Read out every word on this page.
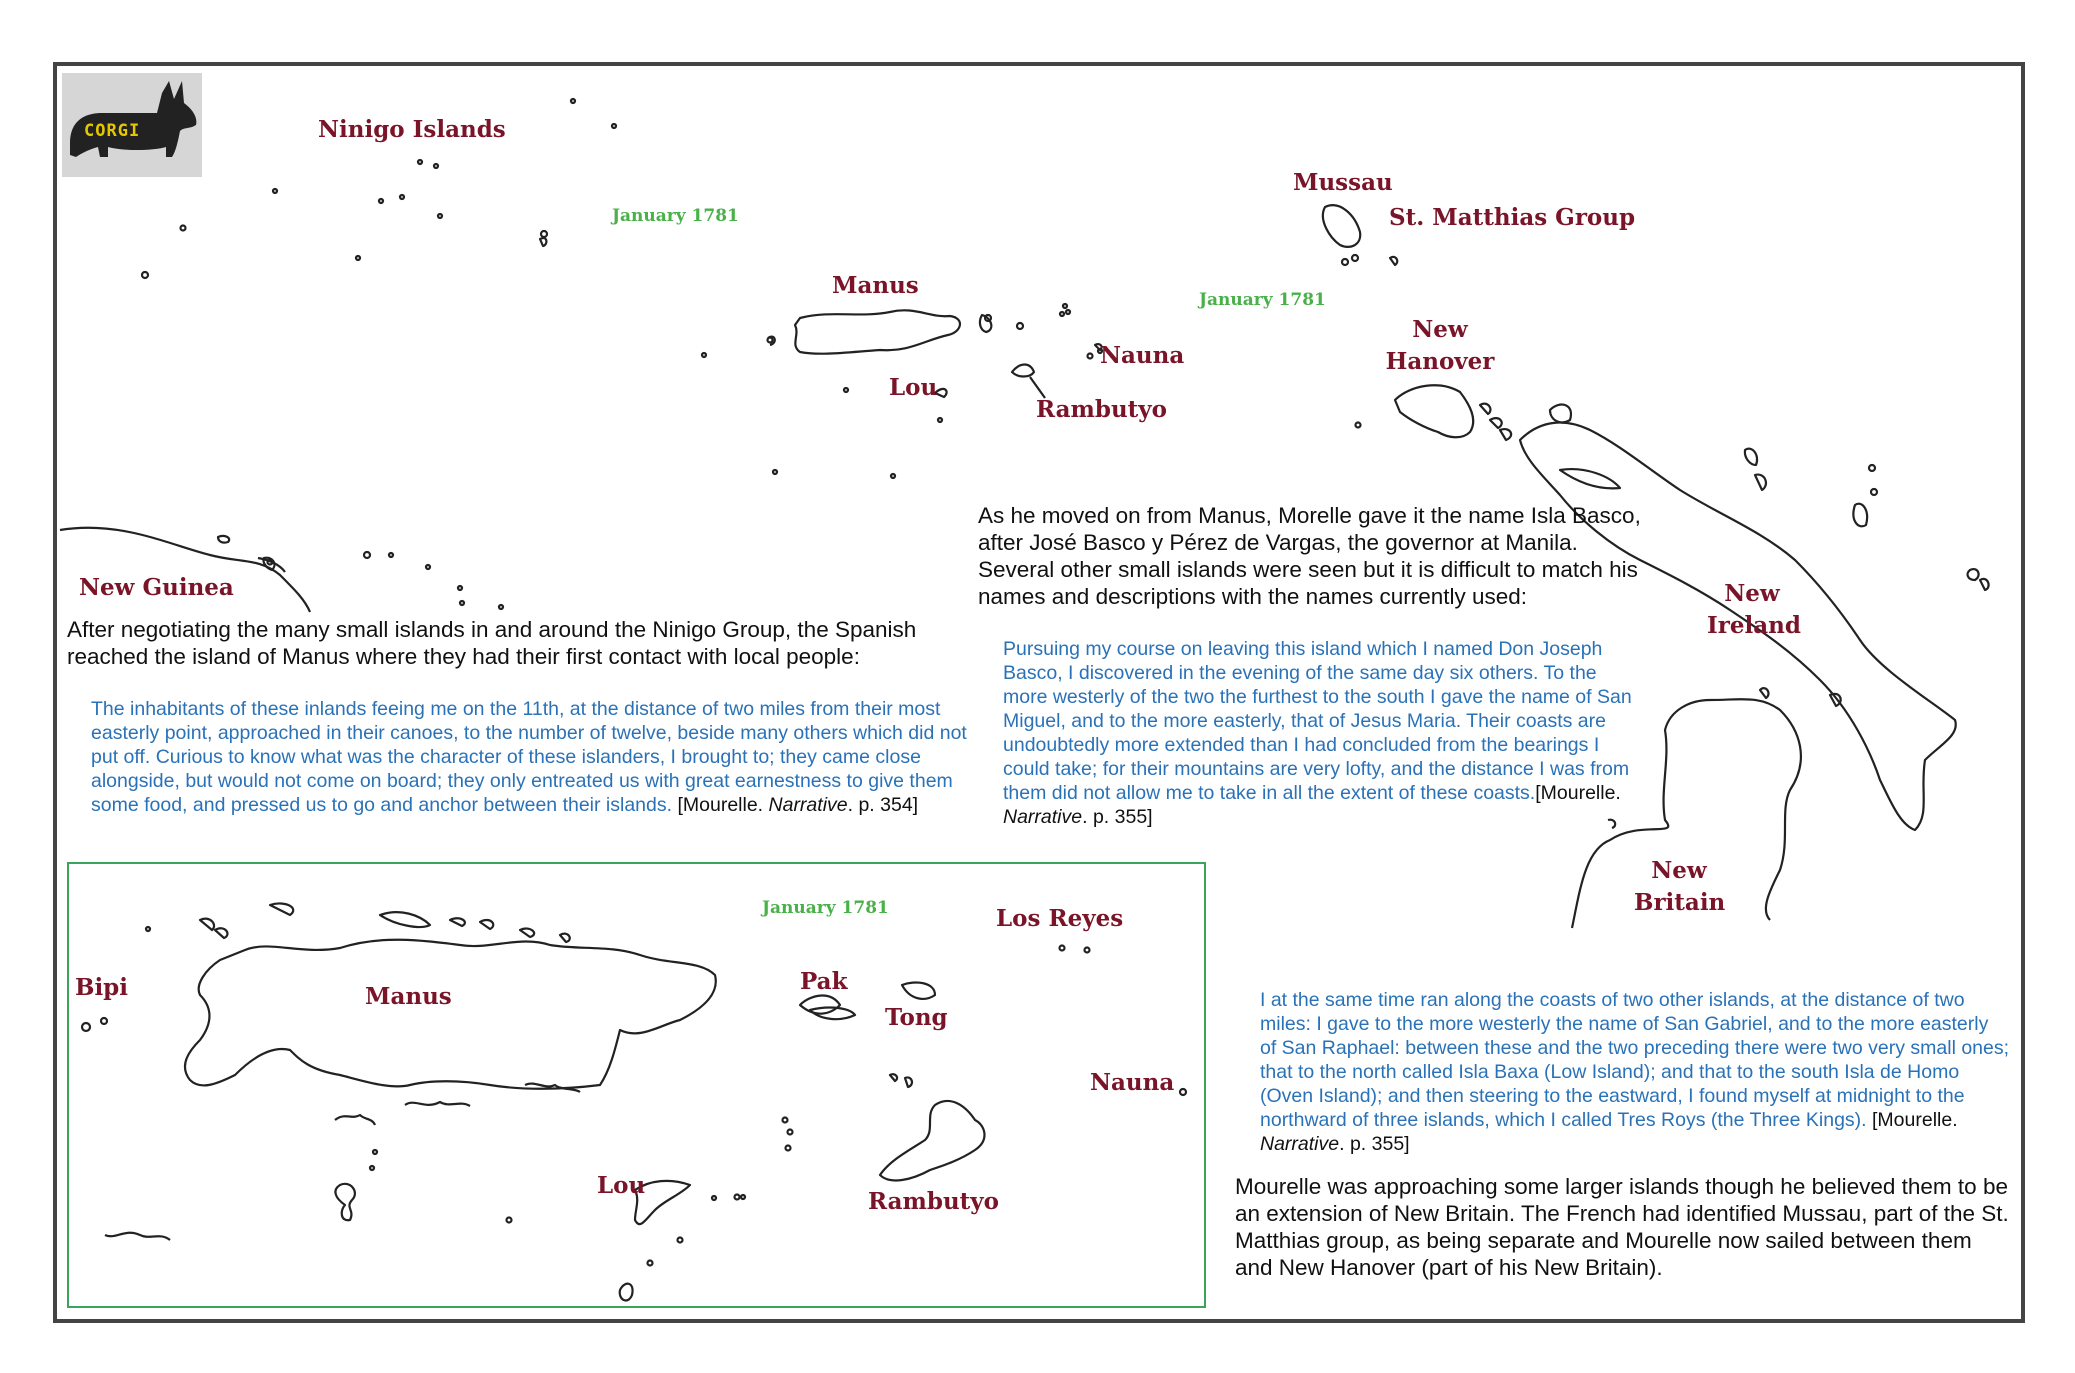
CORGI	Ninigo Islands
January 1781
Mussau
St. Matthias Group
Manus
January 1781
Nauna
Lou
Rambutyo
New
Hanover
New Guinea	New
Ireland
New
Britain
After negotiating the many small islands in and around the Ninigo Group, the Spanish reached the island of Manus where they had their first contact with local people:
The inhabitants of these inlands feeing me on the 11th, at the distance of two miles from their most easterly point, approached in their canoes, to the number of twelve, beside many others which did not put off. Curious to know what was the character of these islanders, I brought to; they came close alongside, but would not come on board; they only entreated us with great earnestness to give them some food, and pressed us to go and anchor between their islands. [Mourelle. Narrative. p. 354]
As he moved on from Manus, Morelle gave it the name Isla Basco, after José Basco y Pérez de Vargas, the governor at Manila. Several other small islands were seen but it is difficult to match his names and descriptions with the names currently used:
Pursuing my course on leaving this island which I named Don Joseph Basco, I discovered in the evening of the same day six others. To the more westerly of the two the furthest to the south I gave the name of San Miguel, and to the more easterly, that of Jesus Maria. Their coasts are undoubtedly more extended than I had concluded from the bearings I could take; for their mountains are very lofty, and the distance I was from them did not allow me to take in all the extent of these coasts.[Mourelle. Narrative. p. 355]
I at the same time ran along the coasts of two other islands, at the distance of two miles: I gave to the more westerly the name of San Gabriel, and to the more easterly of San Raphael: between these and the two preceding there were two very small ones; that to the north called Isla Baxa (Low Island); and that to the south Isla de Homo (Oven Island); and then steering to the eastward, I found myself at midnight to the northward of three islands, which I called Tres Roys (the Three Kings). [Mourelle. Narrative. p. 355]
Mourelle was approaching some larger islands though he believed them to be an extension of New Britain. The French had identified Mussau, part of the St. Matthias group, as being separate and Mourelle now sailed between them and New Hanover (part of his New Britain).
January 1781	Los Reyes
Bipi	Manus
Pak
Tong
Nauna
Lou
Rambutyo
